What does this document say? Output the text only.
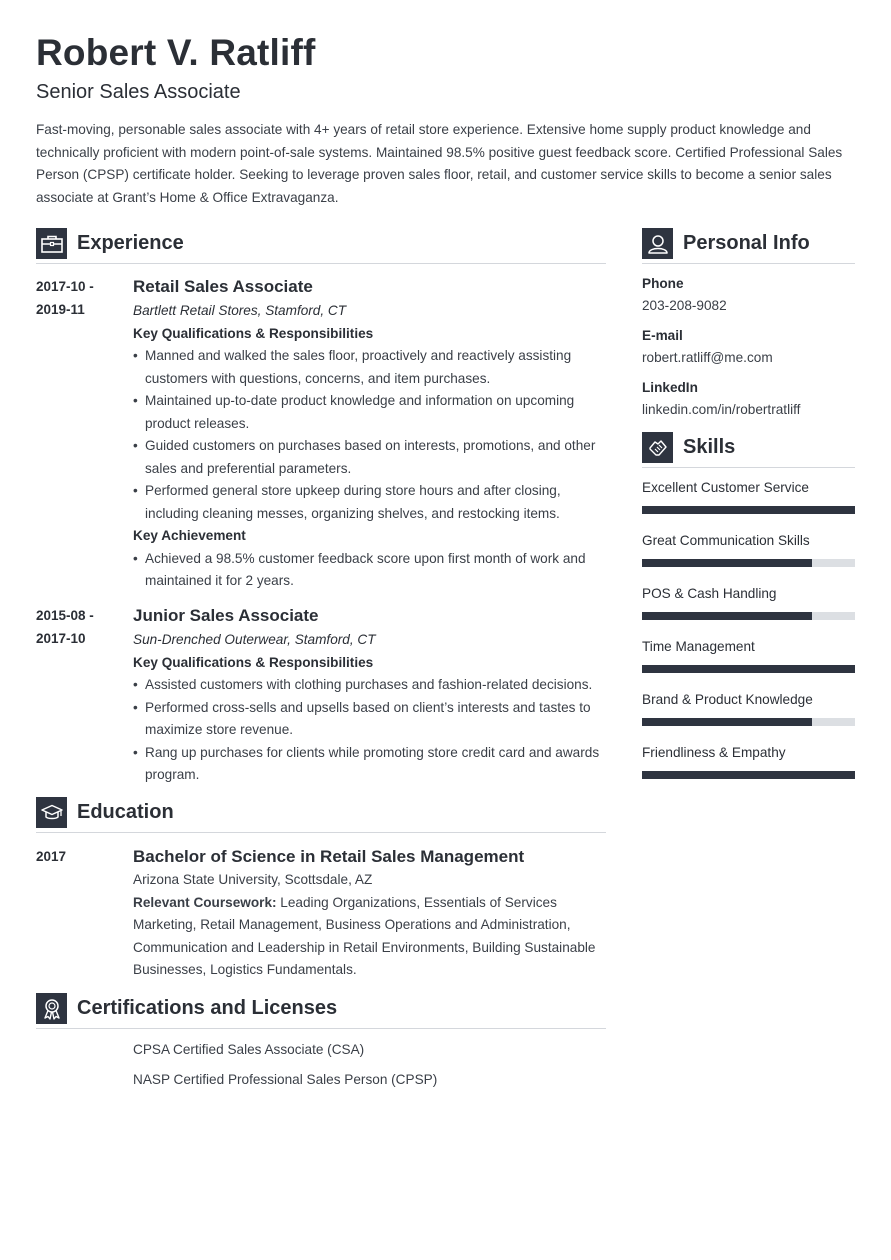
Robert V. Ratliff
Senior Sales Associate
Fast-moving, personable sales associate with 4+ years of retail store experience. Extensive home supply product knowledge and technically proficient with modern point-of-sale systems. Maintained 98.5% positive guest feedback score. Certified Professional Sales Person (CPSP) certificate holder. Seeking to leverage proven sales floor, retail, and customer service skills to become a senior sales associate at Grant’s Home & Office Extravaganza.
Experience
2017-10 -
2019-11
Retail Sales Associate
Bartlett Retail Stores, Stamford, CT
Key Qualifications & Responsibilities
• Manned and walked the sales floor, proactively and reactively assisting customers with questions, concerns, and item purchases.
• Maintained up-to-date product knowledge and information on upcoming product releases.
• Guided customers on purchases based on interests, promotions, and other sales and preferential parameters.
• Performed general store upkeep during store hours and after closing, including cleaning messes, organizing shelves, and restocking items.
Key Achievement
• Achieved a 98.5% customer feedback score upon first month of work and maintained it for 2 years.
2015-08 -
2017-10
Junior Sales Associate
Sun-Drenched Outerwear, Stamford, CT
Key Qualifications & Responsibilities
• Assisted customers with clothing purchases and fashion-related decisions.
• Performed cross-sells and upsells based on client’s interests and tastes to maximize store revenue.
• Rang up purchases for clients while promoting store credit card and awards program.
Education
2017	Bachelor of Science in Retail Sales Management
Arizona State University, Scottsdale, AZ
Relevant Coursework: Leading Organizations, Essentials of Services Marketing, Retail Management, Business Operations and Administration, Communication and Leadership in Retail Environments, Building Sustainable Businesses, Logistics Fundamentals.
Certifications and Licenses
CPSA Certified Sales Associate (CSA)
NASP Certified Professional Sales Person (CPSP)
Personal Info
Phone
203-208-9082
E-mail
robert.ratliff@me.com
LinkedIn
linkedin.com/in/robertratliff
Skills
Excellent Customer Service
Great Communication Skills
POS & Cash Handling
Time Management
Brand & Product Knowledge
Friendliness & Empathy
